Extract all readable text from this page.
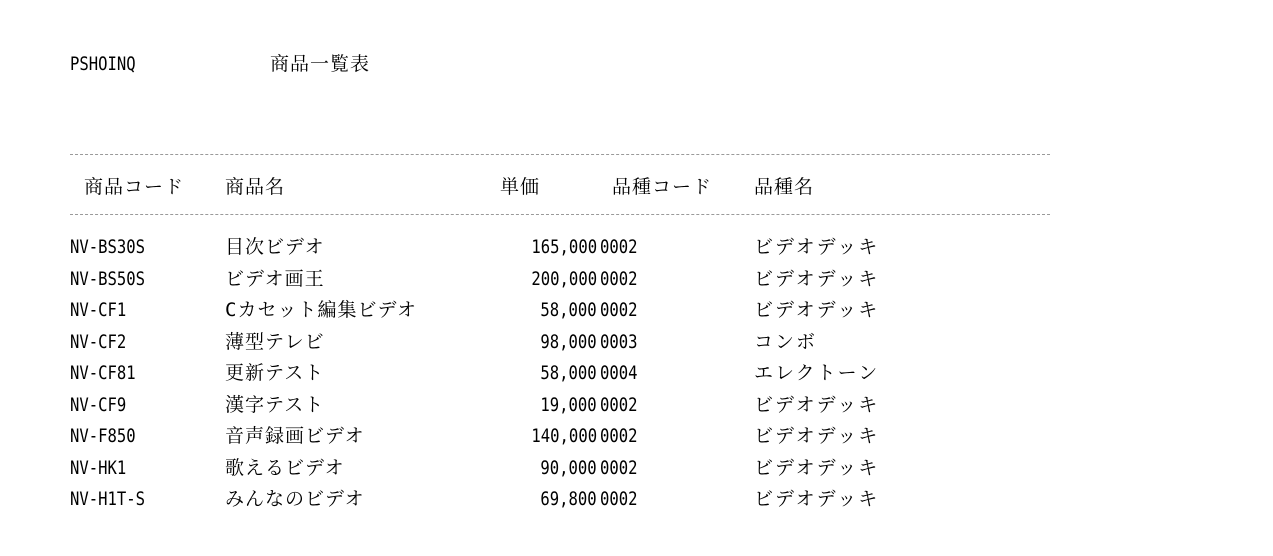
PSHOINQ	商品一覧表
商品コード 商品名	単価	品種コード 品種名
NV-BS30S	目次ビデオ	165,000 0002	ビデオデッキ
NV-BS50S	ビデオ画王	200,000 0002	ビデオデッキ
NV-CF1	Cカセット編集ビデオ	58,000 0002	ビデオデッキ
NV-CF2	薄型テレビ	98,000 0003	コンボ
NV-CF81	更新テスト	58,000 0004	エレクトーン
NV-CF9	漢字テスト	19,000 0002	ビデオデッキ
NV-F850	音声録画ビデオ	140,000 0002	ビデオデッキ
NV-HK1	歌えるビデオ	90,000 0002	ビデオデッキ
NV-H1T-S	みんなのビデオ	69,800 0002	ビデオデッキ
